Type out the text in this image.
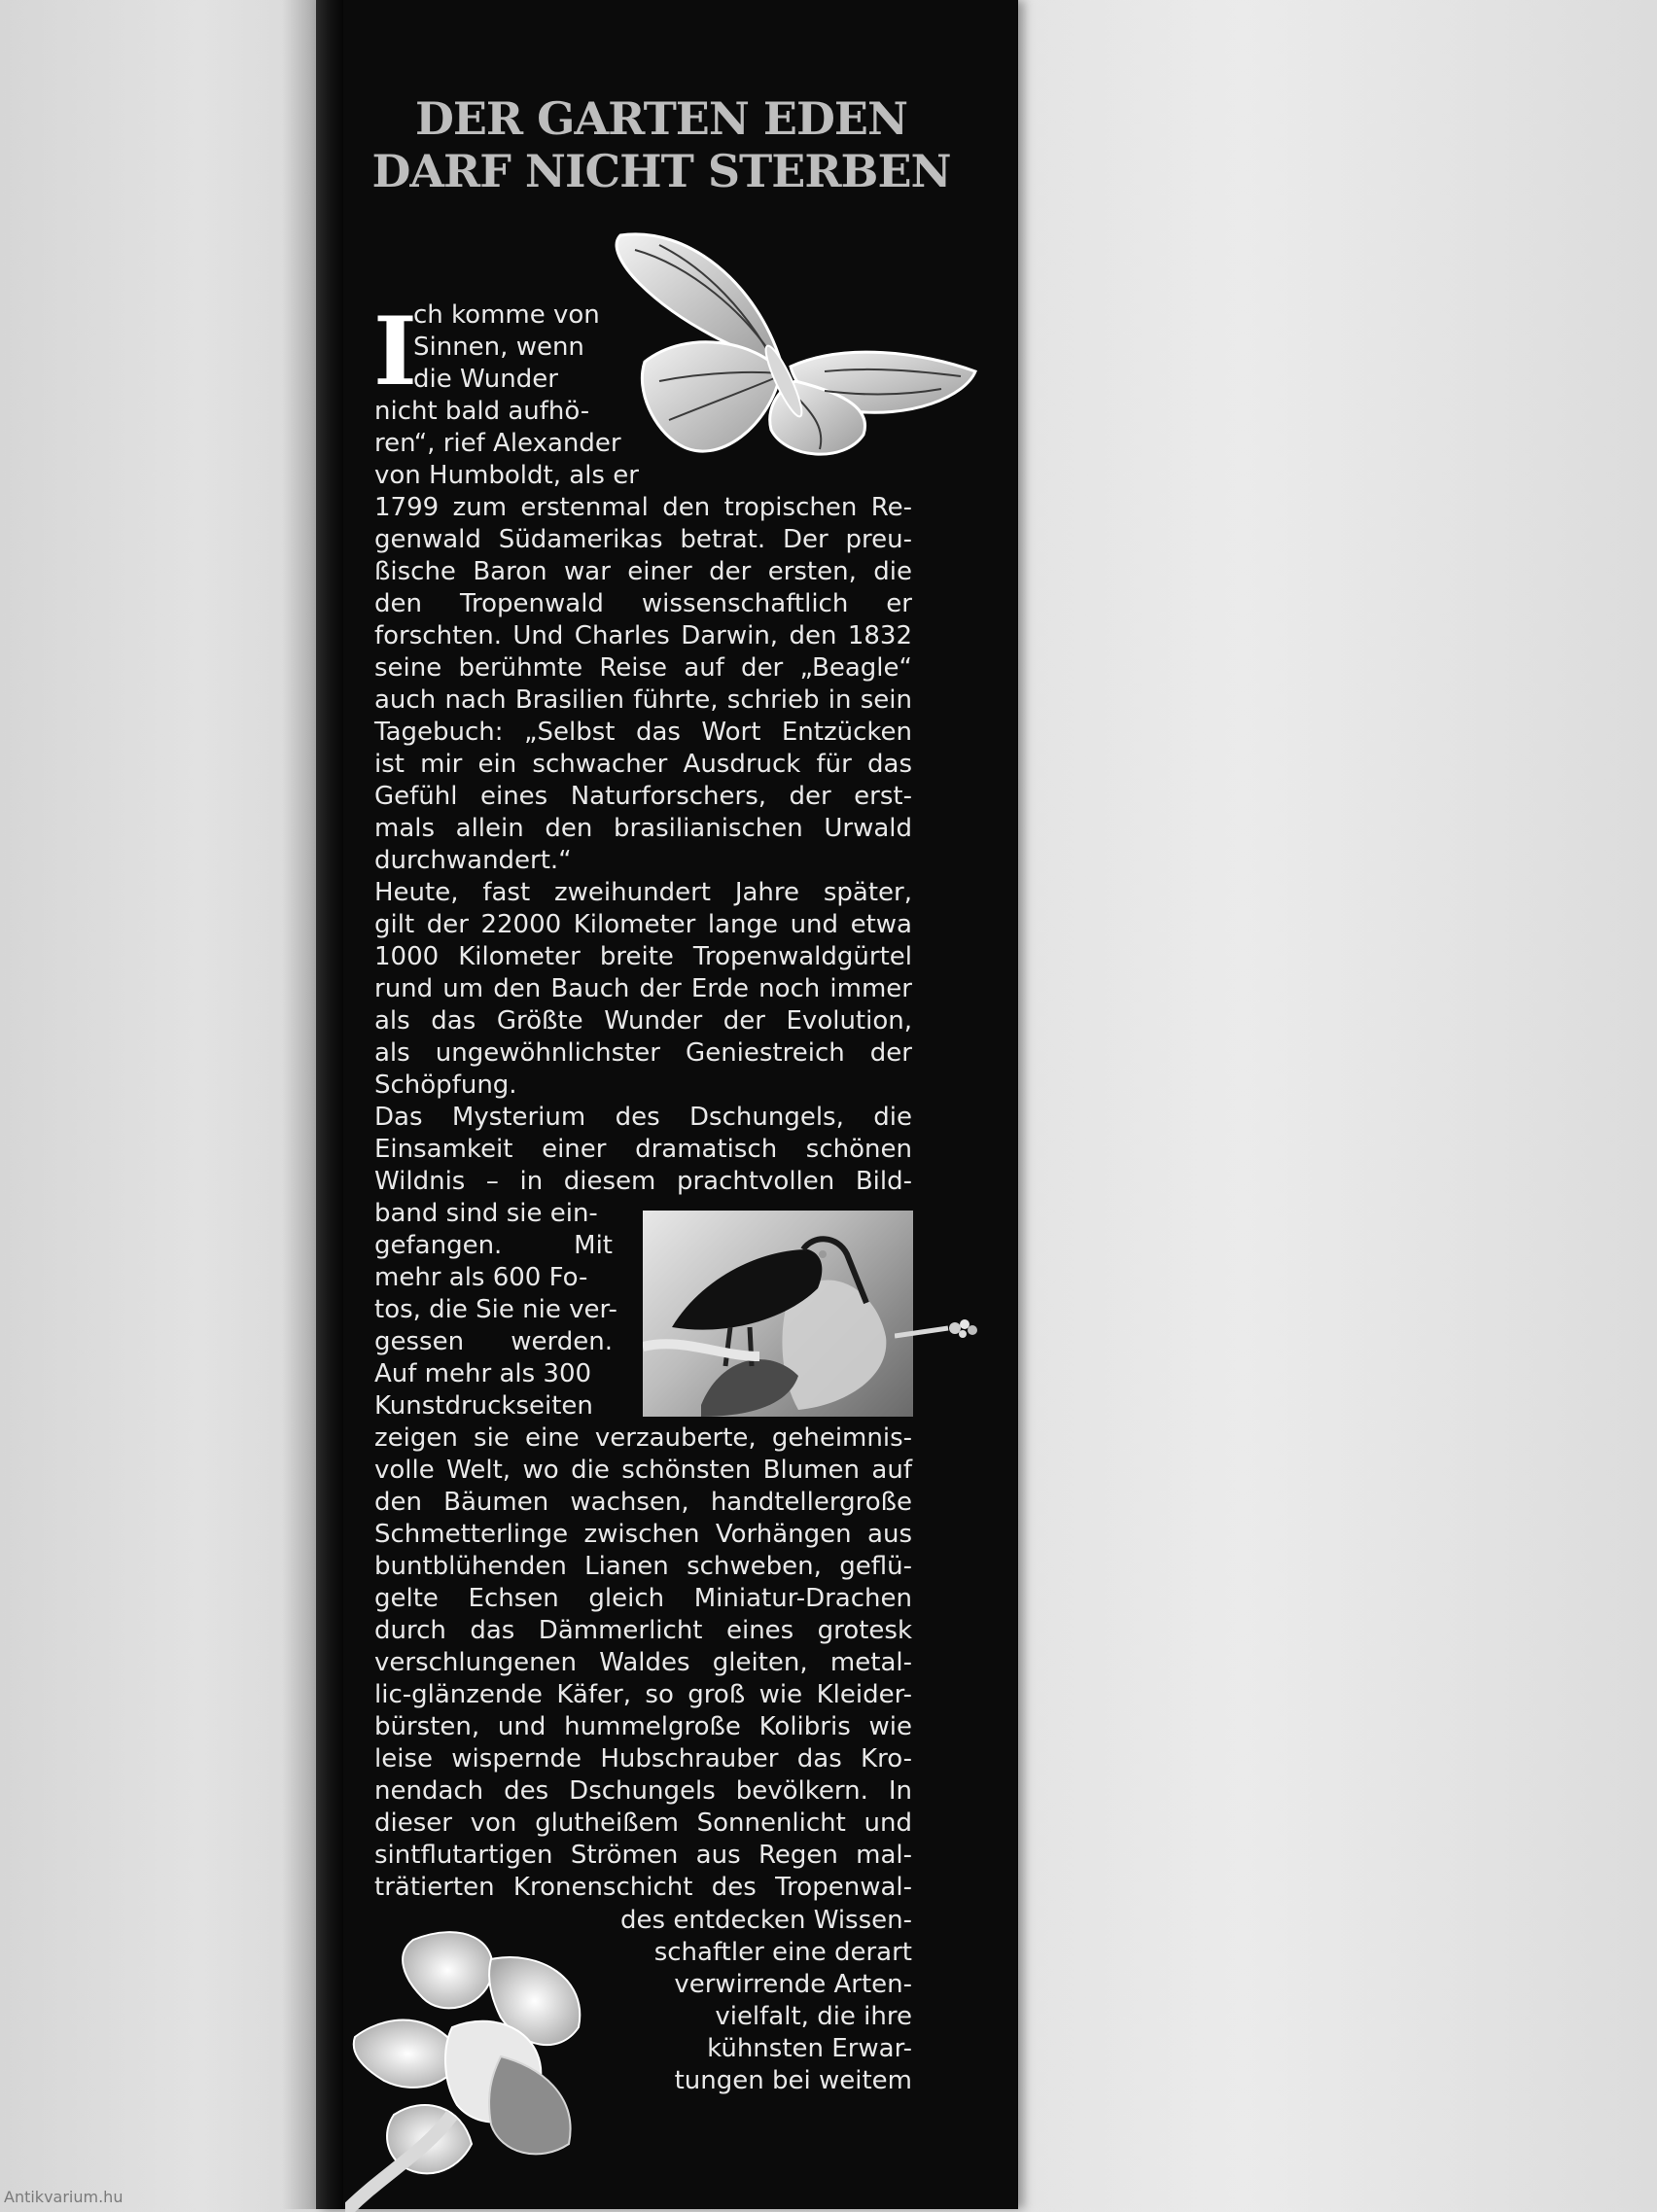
DER GARTEN EDEN
DARF NICHT STERBEN
I
ch komme von
Sinnen, wenn
die Wunder
nicht bald aufhö-
ren“, rief Alexander
von Humboldt, als er
1799 zum erstenmal den tropischen Re-
genwald Südamerikas betrat. Der preu-
ßische Baron war einer der ersten, die
den Tropenwald wissenschaftlich er
forschten. Und Charles Darwin, den 1832
seine berühmte Reise auf der „Beagle“
auch nach Brasilien führte, schrieb in sein
Tagebuch: „Selbst das Wort Entzücken
ist mir ein schwacher Ausdruck für das
Gefühl eines Naturforschers, der erst-
mals allein den brasilianischen Urwald
durchwandert.“
Heute, fast zweihundert Jahre später,
gilt der 22000 Kilometer lange und etwa
1000 Kilometer breite Tropenwaldgürtel
rund um den Bauch der Erde noch immer
als das Größte Wunder der Evolution,
als ungewöhnlichster Geniestreich der
Schöpfung.
Das Mysterium des Dschungels, die
Einsamkeit einer dramatisch schönen
Wildnis – in diesem prachtvollen Bild-
band sind sie ein-
gefangen. Mit
mehr als 600 Fo-
tos, die Sie nie ver-
gessen werden.
Auf mehr als 300
Kunstdruckseiten
zeigen sie eine verzauberte, geheimnis-
volle Welt, wo die schönsten Blumen auf
den Bäumen wachsen, handtellergroße
Schmetterlinge zwischen Vorhängen aus
buntblühenden Lianen schweben, geflü-
gelte Echsen gleich Miniatur-Drachen
durch das Dämmerlicht eines grotesk
verschlungenen Waldes gleiten, metal-
lic-glänzende Käfer, so groß wie Kleider-
bürsten, und hummelgroße Kolibris wie
leise wispernde Hubschrauber das Kro-
nendach des Dschungels bevölkern. In
dieser von glutheißem Sonnenlicht und
sintflutartigen Strömen aus Regen mal-
trätierten Kronenschicht des Tropenwal-
des entdecken Wissen-
schaftler eine derart
verwirrende Arten-
vielfalt, die ihre
kühnsten Erwar-
tungen bei weitem
Antikvarium.hu
